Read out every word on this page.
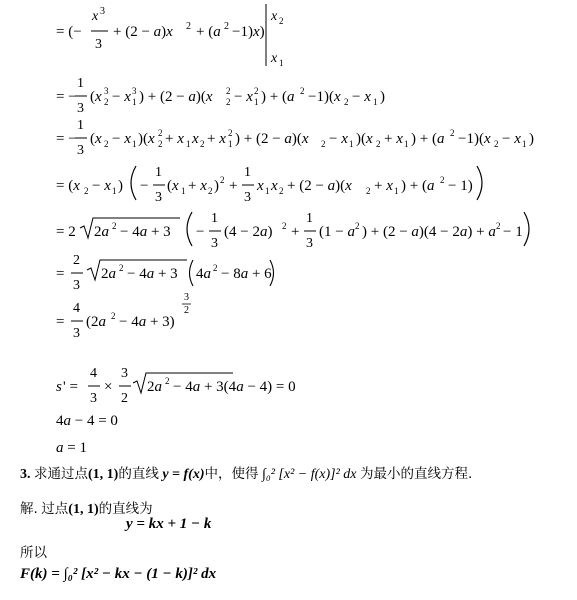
= (−
x 3
3
+ (2 − a)x 2 + (a 2 −1)x)
x 2
x 1
= −
1
3
(x 3
2 − x 3
1 ) + (2 − a)(x 2
2 − x 2
1 ) + (a 2 −1)(x 2 − x 1 )
= −
1
3
(x 2 − x 1 )(x 2
2 + x 1 x 2 + x 2
1 ) + (2 − a)(x 2 − x 1 )(x 2 + x 1 ) + (a 2 −1)(x 2 − x 1 )
= (x 2 − x 1 ) −
1
3
(x 1 + x 2 ) 2 +
1
3
x 1 x 2 + (2 − a)(x 2 + x 1 ) + (a 2 − 1)
= 2 2a 2 − 4a + 3 −
1
3
(4 − 2a) 2 +
1
3
(1 − a 2 ) + (2 − a)(4 − 2a) + a 2 − 1
=
2
3
2a 2 − 4a + 3 4a 2 − 8a + 6
=
4
3
(2a 2 − 4a + 3)
3
2
s ' =
4
3
×
3
2
2a 2 − 4a + 3(4a − 4) = 0
4a − 4 = 0
a = 1
3. 求通过点(1, 1)的直线 y = f(x)中，使得 ∫₀² [x² − f(x)]² dx 为最小的直线方程.
解. 过点(1, 1)的直线为
y = kx + 1 − k
所以
F(k) = ∫₀² [x² − kx − (1 − k)]² dx
